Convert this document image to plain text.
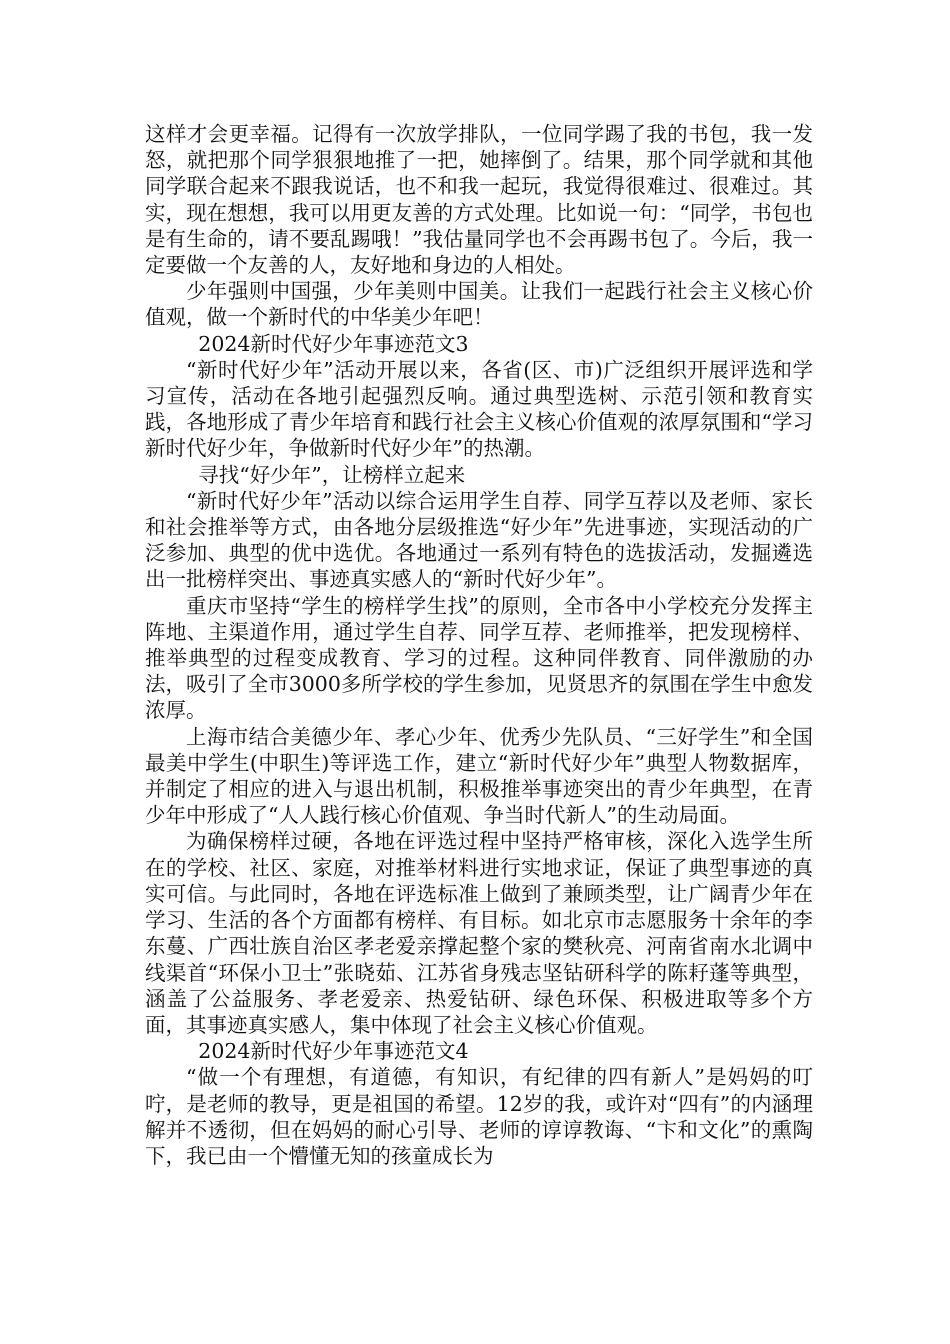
这样才会更幸福。记得有一次放学排队，一位同学踢了我的书包，我一发怒，就把那个同学狠狠地推了一把，她摔倒了。结果，那个同学就和其他同学联合起来不跟我说话，也不和我一起玩，我觉得很难过、很难过。其实，现在想想，我可以用更友善的方式处理。比如说一句：“同学，书包也是有生命的，请不要乱踢哦！”我估量同学也不会再踢书包了。今后，我一定要做一个友善的人，友好地和身边的人相处。

少年强则中国强，少年美则中国美。让我们一起践行社会主义核心价值观，做一个新时代的中华美少年吧！

2024新时代好少年事迹范文3

“新时代好少年”活动开展以来，各省(区、市)广泛组织开展评选和学习宣传，活动在各地引起强烈反响。通过典型选树、示范引领和教育实践，各地形成了青少年培育和践行社会主义核心价值观的浓厚氛围和“学习新时代好少年，争做新时代好少年”的热潮。

寻找“好少年”，让榜样立起来

“新时代好少年”活动以综合运用学生自荐、同学互荐以及老师、家长和社会推举等方式，由各地分层级推选“好少年”先进事迹，实现活动的广泛参加、典型的优中选优。各地通过一系列有特色的选拔活动，发掘遴选出一批榜样突出、事迹真实感人的“新时代好少年”。

重庆市坚持“学生的榜样学生找”的原则，全市各中小学校充分发挥主阵地、主渠道作用，通过学生自荐、同学互荐、老师推举，把发现榜样、推举典型的过程变成教育、学习的过程。这种同伴教育、同伴激励的办法，吸引了全市3000多所学校的学生参加，见贤思齐的氛围在学生中愈发浓厚。

上海市结合美德少年、孝心少年、优秀少先队员、“三好学生”和全国最美中学生(中职生)等评选工作，建立“新时代好少年”典型人物数据库，并制定了相应的进入与退出机制，积极推举事迹突出的青少年典型，在青少年中形成了“人人践行核心价值观、争当时代新人”的生动局面。

为确保榜样过硬，各地在评选过程中坚持严格审核，深化入选学生所在的学校、社区、家庭，对推举材料进行实地求证，保证了典型事迹的真实可信。与此同时，各地在评选标准上做到了兼顾类型，让广阔青少年在学习、生活的各个方面都有榜样、有目标。如北京市志愿服务十余年的李东蔓、广西壮族自治区孝老爱亲撑起整个家的樊秋亮、河南省南水北调中线渠首“环保小卫士”张晓茹、江苏省身残志坚钻研科学的陈耔蓬等典型，涵盖了公益服务、孝老爱亲、热爱钻研、绿色环保、积极进取等多个方面，其事迹真实感人，集中体现了社会主义核心价值观。

2024新时代好少年事迹范文4

“做一个有理想，有道德，有知识，有纪律的四有新人”是妈妈的叮咛，是老师的教导，更是祖国的希望。12岁的我，或许对“四有”的内涵理解并不透彻，但在妈妈的耐心引导、老师的谆谆教诲、“卞和文化”的熏陶下，我已由一个懵懂无知的孩童成长为
